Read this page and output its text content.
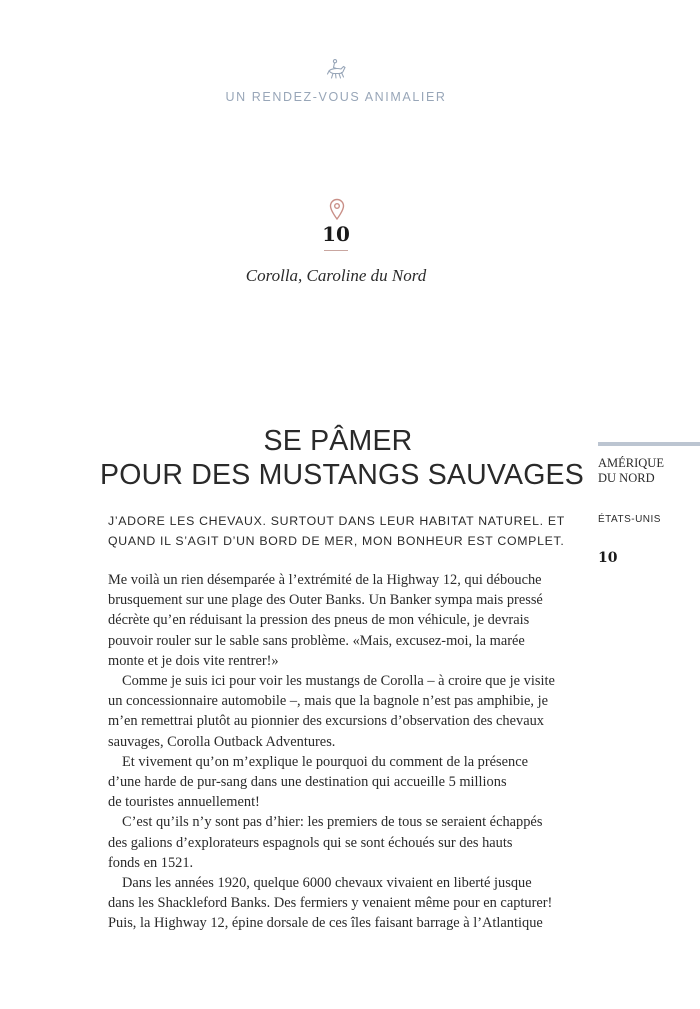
UN RENDEZ-VOUS ANIMALIER
10
Corolla, Caroline du Nord
SE PÂMER
POUR DES MUSTANGS SAUVAGES
J’ADORE LES CHEVAUX. SURTOUT DANS LEUR HABITAT NATUREL. ET
QUAND IL S’AGIT D’UN BORD DE MER, MON BONHEUR EST COMPLET.
Me voilà un rien désemparée à l’extrémité de la Highway 12, qui débouche
brusquement sur une plage des Outer Banks. Un Banker sympa mais pressé
décrète qu’en réduisant la pression des pneus de mon véhicule, je devrais
pouvoir rouler sur le sable sans problème. «Mais, excusez-moi, la marée
monte et je dois vite rentrer!»
Comme je suis ici pour voir les mustangs de Corolla – à croire que je visite
un concessionnaire automobile –, mais que la bagnole n’est pas amphibie, je
m’en remettrai plutôt au pionnier des excursions d’observation des chevaux
sauvages, Corolla Outback Adventures.
Et vivement qu’on m’explique le pourquoi du comment de la présence
d’une harde de pur-sang dans une destination qui accueille 5 millions
de touristes annuellement!
C’est qu’ils n’y sont pas d’hier: les premiers de tous se seraient échappés
des galions d’explorateurs espagnols qui se sont échoués sur des hauts
fonds en 1521.
Dans les années 1920, quelque 6000 chevaux vivaient en liberté jusque
dans les Shackleford Banks. Des fermiers y venaient même pour en capturer!
Puis, la Highway 12, épine dorsale de ces îles faisant barrage à l’Atlantique
AMÉRIQUE
DU NORD
ÉTATS-UNIS
10
